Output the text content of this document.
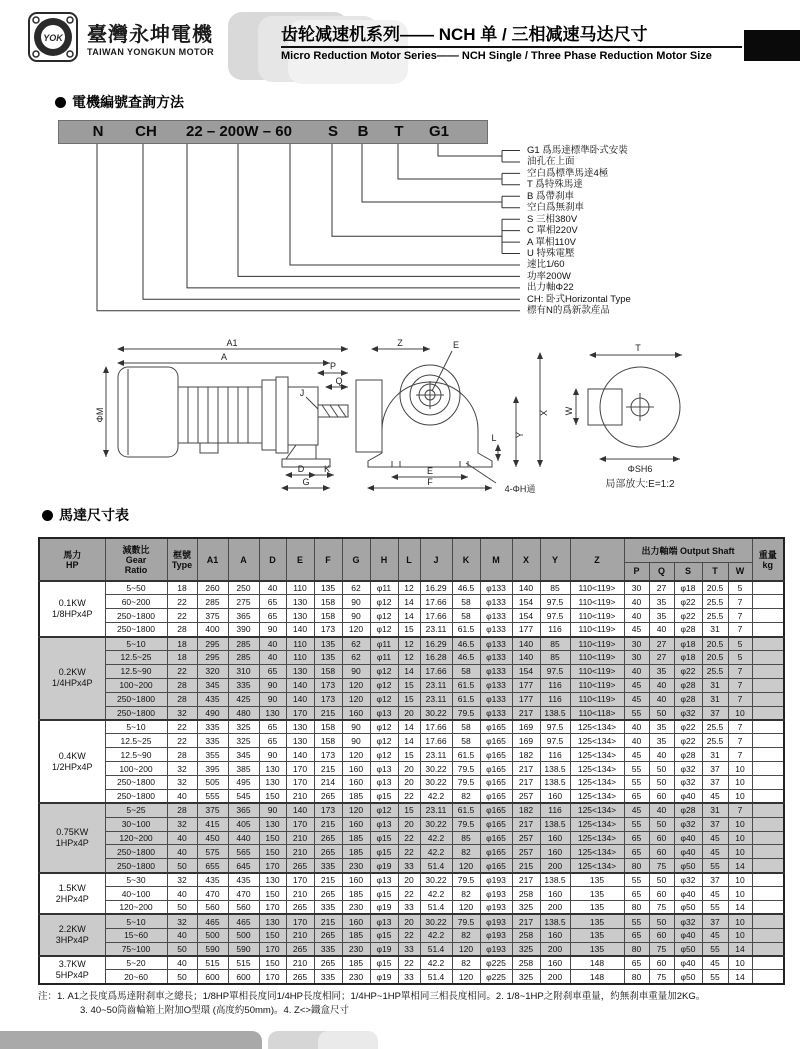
YOK 臺灣永坤電機
TAIWAN YONGKUN MOTOR
齿轮减速机系列—— NCH 单 / 三相减速马达尺寸
Micro Reduction Motor Series—— NCH Single / Three Phase Reduction Motor Size
電機編號查詢方法
N CH 22 – 200W – 60 S B T G1
G1 爲馬達標準卧式安裝
油孔在上面
空白爲標準馬達4極
T 爲特殊馬達
B 爲帶刹車
空白爲無刹車
S 三相380V
C 單相220V
A 單相110V
U 特殊電壓
速比1/60
功率200W
出力軸Φ22
CH: 卧式Horizontal Type
標有N的爲新款産品
A1
A
P
Q
J
ΦM
D K
G
Z	E
X
Y
L
E
F
4-ΦH通
T
W
ΦSH6
局部放大:E=1:2
馬達尺寸表
馬力
HP

減數比
Gear
Ratio

框號
Type	A1	A	D	E	F	G	H	L	J	K	M	X	Y	Z	出力軸端 Output Shaft	重量
kg

																	P	Q	S	T	W	

0.1KW
1/8HPx4P	5~50	18	260	250	40	110	135	62	φ11	12	16.29	46.5	φ133	140	85	110<119>	30	27	φ18	20.5	5	
	60~200	22	285	275	65	130	158	90	φ12	14	17.66	58	φ133	154	97.5	110<119>	40	35	φ22	25.5	7	
	250~1800	22	375	365	65	130	158	90	φ12	14	17.66	58	φ133	154	97.5	110<119>	40	35	φ22	25.5	7	
	250~1800	28	400	390	90	140	173	120	φ12	15	23.11	61.5	φ133	177	116	110<119>	45	40	φ28	31	7	

0.2KW
1/4HPx4P	5~10	18	295	285	40	110	135	62	φ11	12	16.29	46.5	φ133	140	85	110<119>	30	27	φ18	20.5	5	
	12.5~25	18	295	285	40	110	135	62	φ11	12	16.28	46.5	φ133	140	85	110<119>	30	27	φ18	20.5	5	
	12.5~90	22	320	310	65	130	158	90	φ12	14	17.66	58	φ133	154	97.5	110<119>	40	35	φ22	25.5	7	
	100~200	28	345	335	90	140	173	120	φ12	15	23.11	61.5	φ133	177	116	110<119>	45	40	φ28	31	7	
	250~1800	28	435	425	90	140	173	120	φ12	15	23.11	61.5	φ133	177	116	110<119>	45	40	φ28	31	7	
	250~1800	32	490	480	130	170	215	160	φ13	20	30.22	79.5	φ133	217	138.5	110<118>	55	50	φ32	37	10	

0.4KW
1/2HPx4P	5~10	22	335	325	65	130	158	90	φ12	14	17.66	58	φ165	169	97.5	125<134>	40	35	φ22	25.5	7	
	12.5~25	22	335	325	65	130	158	90	φ12	14	17.66	58	φ165	169	97.5	125<134>	40	35	φ22	25.5	7	
	12.5~90	28	355	345	90	140	173	120	φ12	15	23.11	61.5	φ165	182	116	125<134>	45	40	φ28	31	7	
	100~200	32	395	385	130	170	215	160	φ13	20	30.22	79.5	φ165	217	138.5	125<134>	55	50	φ32	37	10	
	250~1800	32	505	495	130	170	214	160	φ13	20	30.22	79.5	φ165	217	138.5	125<134>	55	50	φ32	37	10	
	250~1800	40	555	545	150	210	265	185	φ15	22	42.2	82	φ165	257	160	125<134>	65	60	φ40	45	10	

0.75KW
1HPx4P	5~25	28	375	365	90	140	173	120	φ12	15	23.11	61.5	φ165	182	116	125<134>	45	40	φ28	31	7	
	30~100	32	415	405	130	170	215	160	φ13	20	30.22	79.5	φ165	217	138.5	125<134>	55	50	φ32	37	10	
	120~200	40	450	440	150	210	265	185	φ15	22	42.2	85	φ165	257	160	125<134>	65	60	φ40	45	10	
	250~1800	40	575	565	150	210	265	185	φ15	22	42.2	82	φ165	257	160	125<134>	65	60	φ40	45	10	
	250~1800	50	655	645	170	265	335	230	φ19	33	51.4	120	φ165	215	200	125<134>	80	75	φ50	55	14	

1.5KW
2HPx4P	5~30	32	435	435	130	170	215	160	φ13	20	30.22	79.5	φ193	217	138.5	135	55	50	φ32	37	10	
	40~100	40	470	470	150	210	265	185	φ15	22	42.2	82	φ193	258	160	135	65	60	φ40	45	10	
	120~200	50	560	560	170	265	335	230	φ19	33	51.4	120	φ193	325	200	135	80	75	φ50	55	14	

2.2KW
3HPx4P	5~10	32	465	465	130	170	215	160	φ13	20	30.22	79.5	φ193	217	138.5	135	55	50	φ32	37	10	
	15~60	40	500	500	150	210	265	185	φ15	22	42.2	82	φ193	258	160	135	65	60	φ40	45	10	
	75~100	50	590	590	170	265	335	230	φ19	33	51.4	120	φ193	325	200	135	80	75	φ50	55	14	

3.7KW
5HPx4P	5~20	40	515	515	150	210	265	185	φ15	22	42.2	82	φ225	258	160	148	65	60	φ40	45	10	
	20~60	50	600	600	170	265	335	230	φ19	33	51.4	120	φ225	325	200	148	80	75	φ50	55	14	
注：1. A1之長度爲馬達附刹車之總長；1/8HP單相長度同1/4HP長度相同；1/4HP~1HP單相同三相長度相同。2. 1/8~1HP之附刹車重量，約無刹車重量加2KG。
3. 40~50筒齒輪箱上附加O型環 (高度約50mm)。4. Z<>鐵盒尺寸
